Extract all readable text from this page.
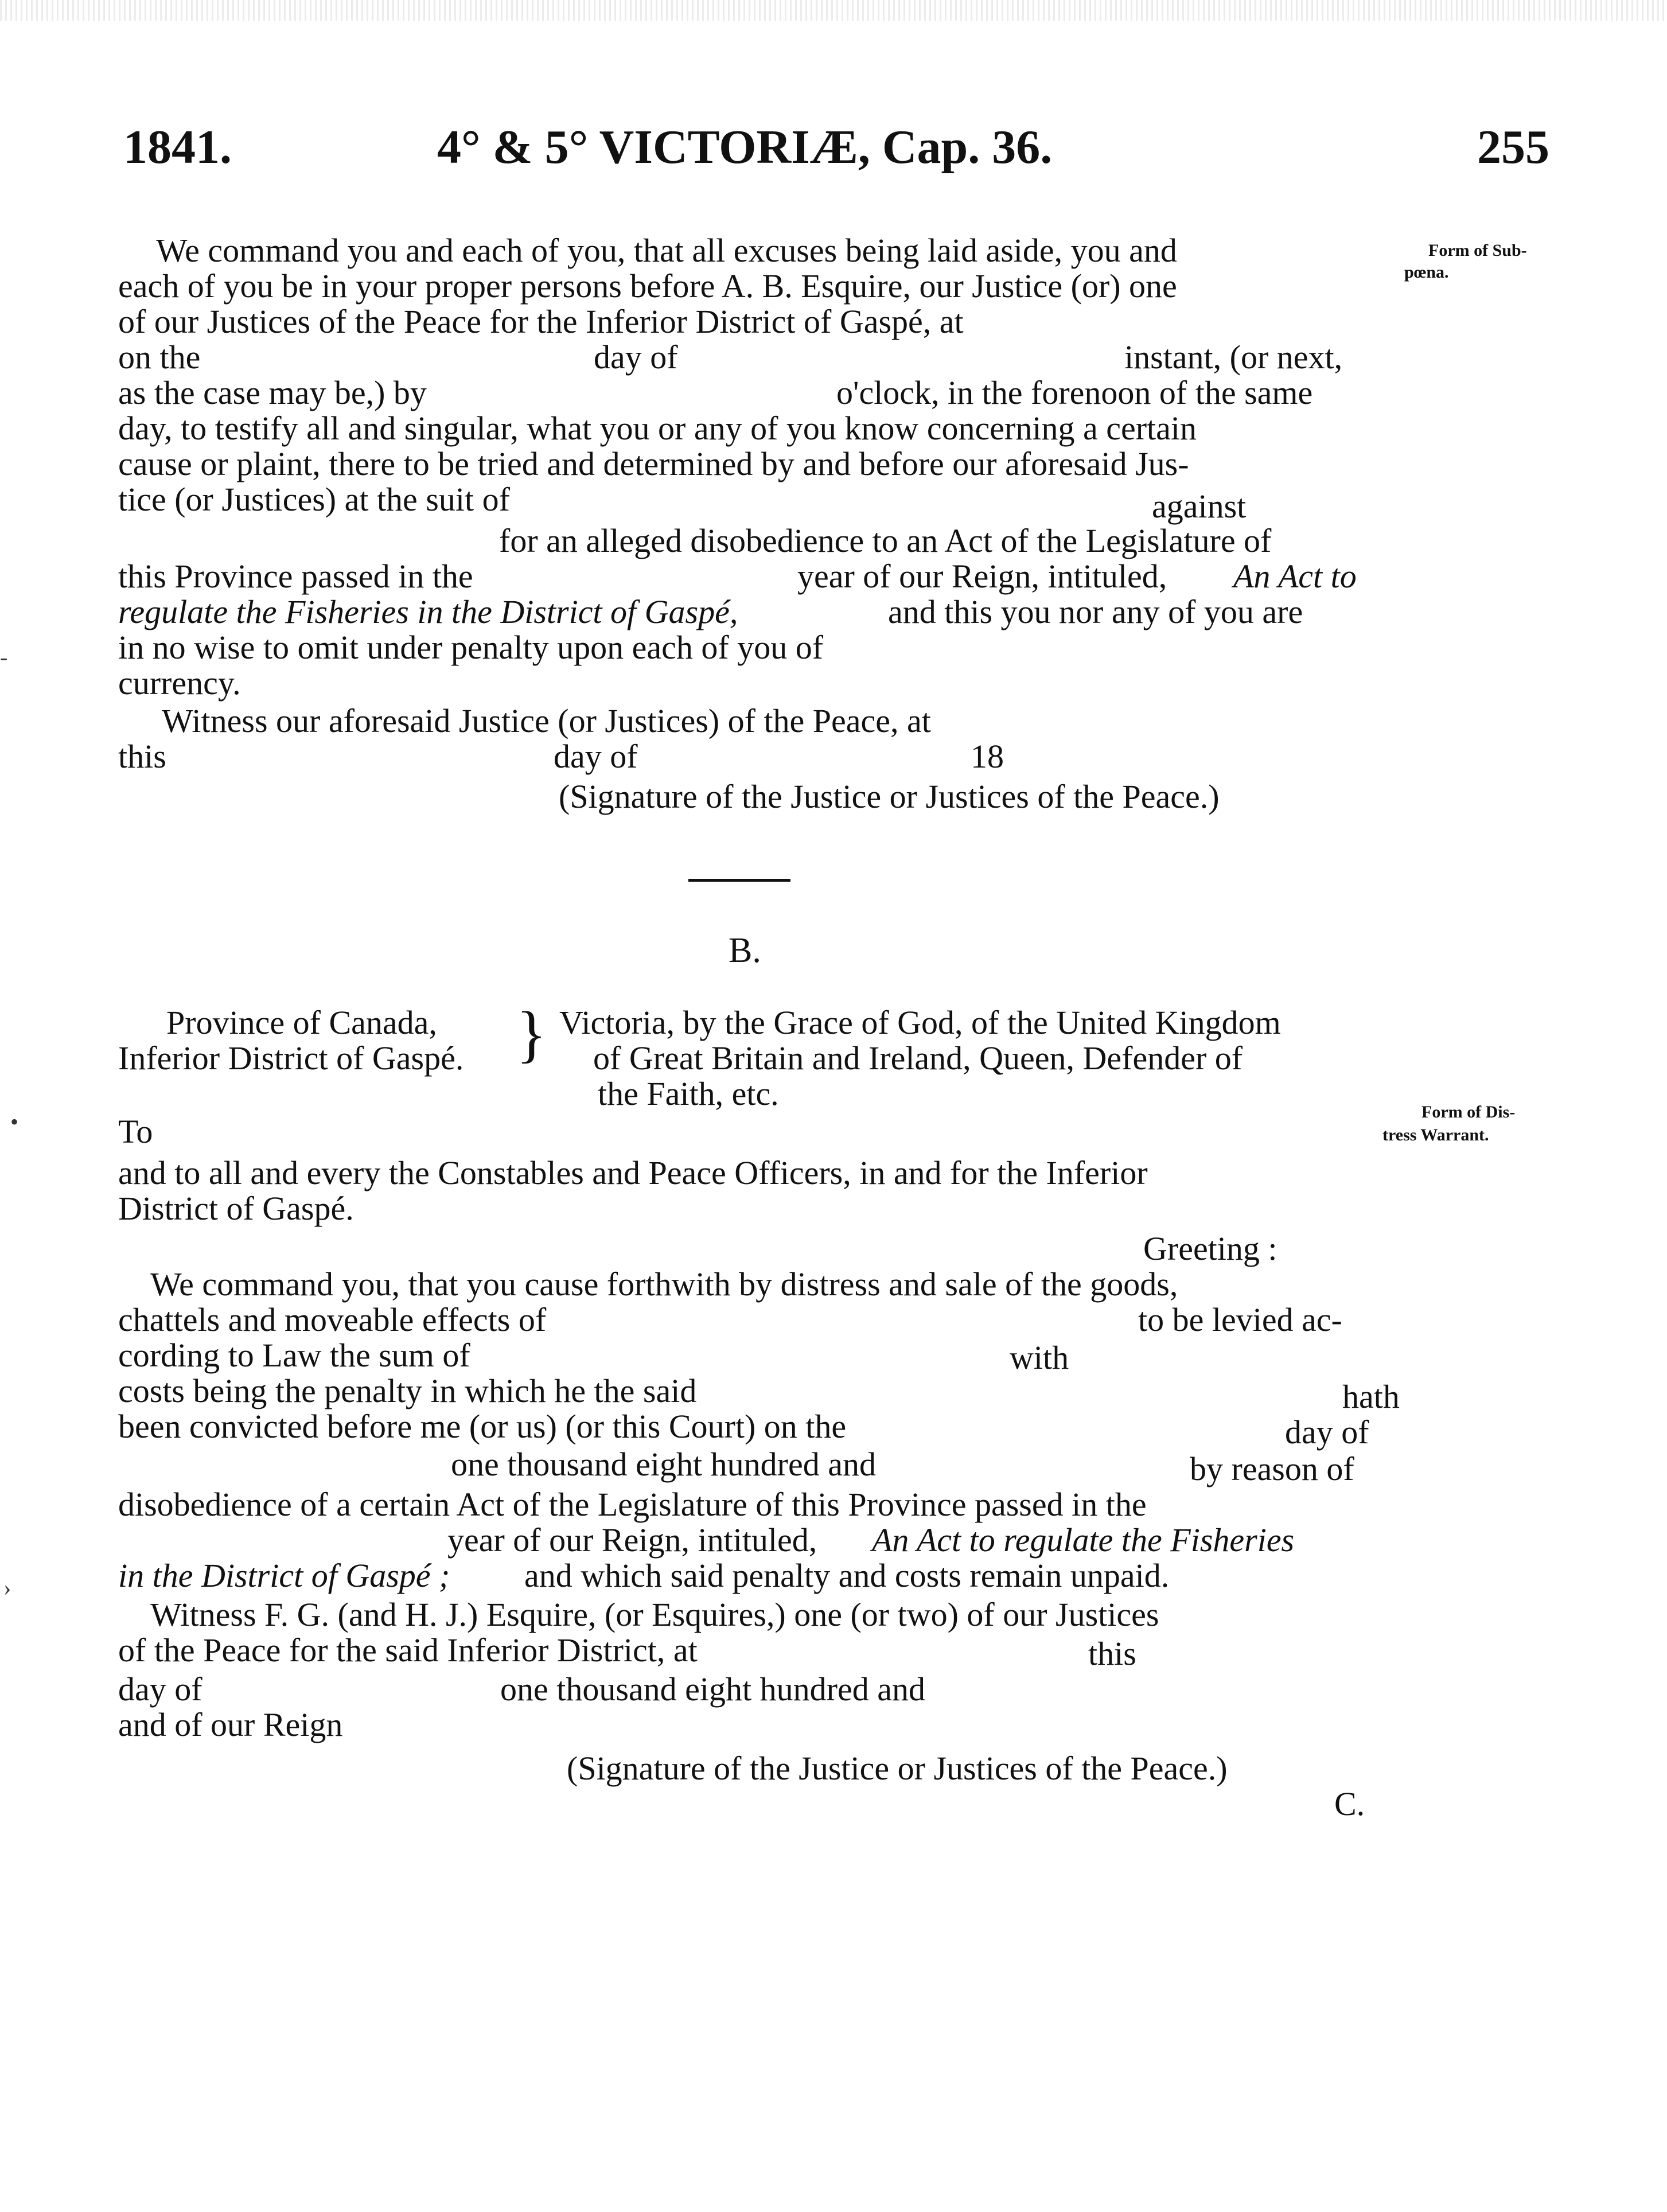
1841.	4° & 5° VICTORIÆ, Cap. 36.	255
Form of Sub-
pœna.
Form of Dis-
tress Warrant.
We command you and each of you, that all excuses being laid aside, you and
each of you be in your proper persons before A. B. Esquire, our Justice (or) one
of our Justices of the Peace for the Inferior District of Gaspé, at
on the	day of	instant, (or next,
as the case may be,) by	o'clock, in the forenoon of the same
day, to testify all and singular, what you or any of you know concerning a certain
cause or plaint, there to be tried and determined by and before our aforesaid Jus-
tice (or Justices) at the suit of	against
for an alleged disobedience to an Act of the Legislature of
this Province passed in the	year of our Reign, intituled, An Act to
regulate the Fisheries in the District of Gaspé,	and this you nor any of you are
in no wise to omit under penalty upon each of you of
currency.
Witness our aforesaid Justice (or Justices) of the Peace, at
this	day of	18
(Signature of the Justice or Justices of the Peace.)
B.
Province of Canada,
Inferior District of Gaspé. } Victoria, by the Grace of God, of the United Kingdom
of Great Britain and Ireland, Queen, Defender of
the Faith, etc.
To
and to all and every the Constables and Peace Officers, in and for the Inferior
District of Gaspé.
Greeting :
We command you, that you cause forthwith by distress and sale of the goods,
chattels and moveable effects of	to be levied ac-
cording to Law the sum of	with
costs being the penalty in which he the said	hath
been convicted before me (or us) (or this Court) on the	day of
one thousand eight hundred and	by reason of
disobedience of a certain Act of the Legislature of this Province passed in the
year of our Reign, intituled, An Act to regulate the Fisheries
in the District of Gaspé ; and which said penalty and costs remain unpaid.
Witness F. G. (and H. J.) Esquire, (or Esquires,) one (or two) of our Justices
of the Peace for the said Inferior District, at	this
day of	one thousand eight hundred and
and of our Reign
(Signature of the Justice or Justices of the Peace.)
C.
-
•
›
